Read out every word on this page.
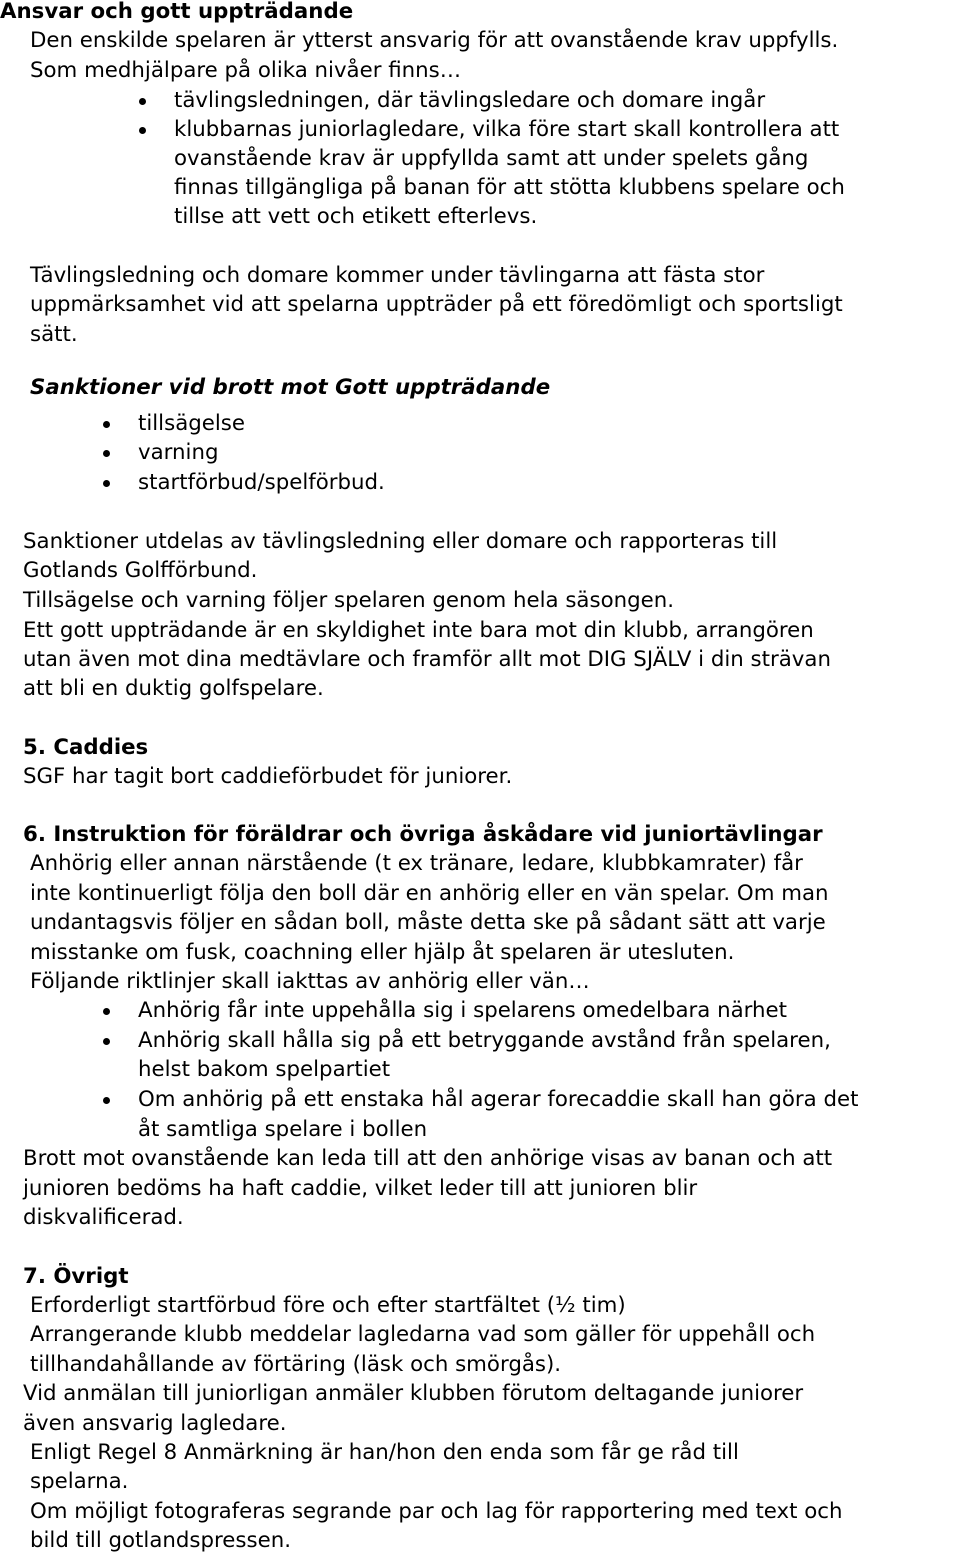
Ansvar och gott uppträdande

Den enskilde spelaren är ytterst ansvarig för att ovanstående krav uppfylls.

Som medhjälpare på olika nivåer finns…

tävlingsledningen, där tävlingsledare och domare ingår

klubbarnas juniorlagledare, vilka före start skall kontrollera att

ovanstående krav är uppfyllda samt att under spelets gång

finnas tillgängliga på banan för att stötta klubbens spelare och

tillse att vett och etikett efterlevs.

Tävlingsledning och domare kommer under tävlingarna att fästa stor

uppmärksamhet vid att spelarna uppträder på ett föredömligt och sportsligt

sätt.

Sanktioner vid brott mot Gott uppträdande

tillsägelse

varning

startförbud/spelförbud.

Sanktioner utdelas av tävlingsledning eller domare och rapporteras till

Gotlands Golfförbund.

Tillsägelse och varning följer spelaren genom hela säsongen.

Ett gott uppträdande är en skyldighet inte bara mot din klubb, arrangören

utan även mot dina medtävlare och framför allt mot DIG SJÄLV i din strävan

att bli en duktig golfspelare.

5. Caddies

SGF har tagit bort caddieförbudet för juniorer.

6. Instruktion för föräldrar och övriga åskådare vid juniortävlingar

Anhörig eller annan närstående (t ex tränare, ledare, klubbkamrater) får

inte kontinuerligt följa den boll där en anhörig eller en vän spelar. Om man

undantagsvis följer en sådan boll, måste detta ske på sådant sätt att varje

misstanke om fusk, coachning eller hjälp åt spelaren är utesluten.

Följande riktlinjer skall iakttas av anhörig eller vän…

Anhörig får inte uppehålla sig i spelarens omedelbara närhet

Anhörig skall hålla sig på ett betryggande avstånd från spelaren,

helst bakom spelpartiet

Om anhörig på ett enstaka hål agerar forecaddie skall han göra det

åt samtliga spelare i bollen

Brott mot ovanstående kan leda till att den anhörige visas av banan och att

junioren bedöms ha haft caddie, vilket leder till att junioren blir

diskvalificerad.

7. Övrigt

Erforderligt startförbud före och efter startfältet (½ tim)

Arrangerande klubb meddelar lagledarna vad som gäller för uppehåll och

tillhandahållande av förtäring (läsk och smörgås).

Vid anmälan till juniorligan anmäler klubben förutom deltagande juniorer

även ansvarig lagledare.

Enligt Regel 8 Anmärkning är han/hon den enda som får ge råd till

spelarna.

Om möjligt fotograferas segrande par och lag för rapportering med text och

bild till gotlandspressen.
